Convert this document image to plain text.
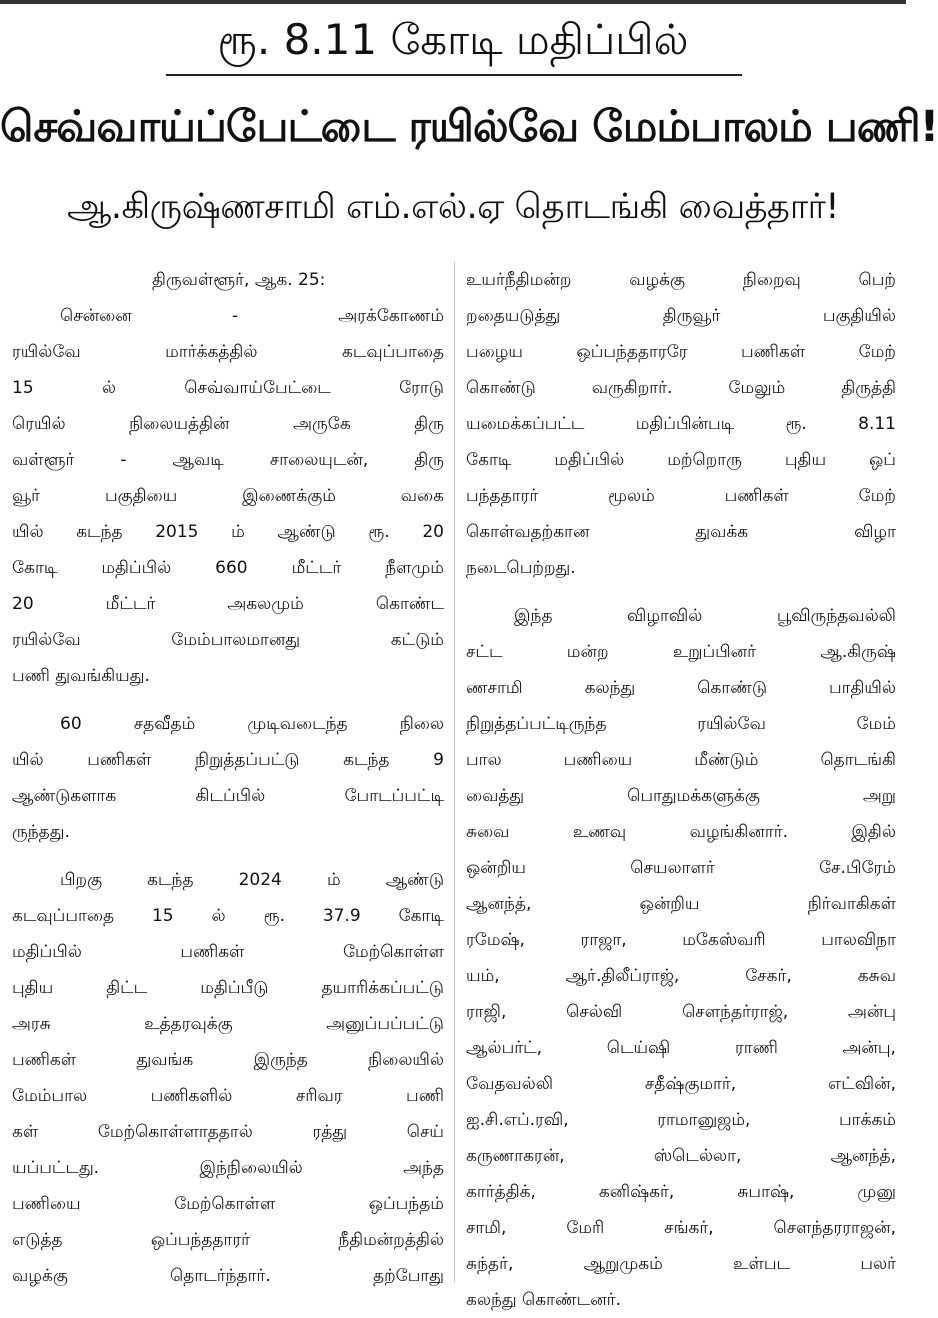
ரூ. 8.11 கோடி மதிப்பில்
செவ்வாய்ப்பேட்டை ரயில்வே மேம்பாலம் பணி!
ஆ.கிருஷ்ணசாமி எம்.எல்.ஏ தொடங்கி வைத்தார்!
திருவள்ளூர், ஆக. 25:
சென்னை	-	அரக்கோணம்
ரயில்வே	மார்க்கத்தில்	கடவுப்பாதை
15	ல்	செவ்வாய்பேட்டை	ரோடு
ரெயில்	நிலையத்தின்	அருகே	திரு
வள்ளூர்	-	ஆவடி	சாலையுடன்,	திரு
வூர்	பகுதியை	இணைக்கும்	வகை
யில் கடந்த 2015 ம் ஆண்டு ரூ. 20
கோடி	மதிப்பில்	660	மீட்டர்	நீளமும்
20	மீட்டர்	அகலமும்	கொண்ட
ரயில்வே	மேம்பாலமானது	கட்டும்
பணி துவங்கியது.
60	சதவீதம்	முடிவடைந்த	நிலை
யில்	பணிகள்	நிறுத்தப்பட்டு	கடந்த	9
ஆண்டுகளாக	கிடப்பில்	போடப்பட்டி
ருந்தது.
பிறகு	கடந்த	2024	ம்	ஆண்டு
கடவுப்பாதை 15 ல் ரூ. 37.9 கோடி
மதிப்பில்	பணிகள்	மேற்கொள்ள
புதிய	திட்ட	மதிப்பீடு	தயாரிக்கப்பட்டு
அரசு	உத்தரவுக்கு	அனுப்பப்பட்டு
பணிகள்	துவங்க	இருந்த	நிலையில்
மேம்பால	பணிகளில்	சரிவர	பணி
கள்	மேற்கொள்ளாததால்	ரத்து	செய்
யப்பட்டது.	இந்நிலையில்	அந்த
பணியை	மேற்கொள்ள	ஒப்பந்தம்
எடுத்த	ஒப்பந்ததாரர்	நீதிமன்றத்தில்
வழக்கு	தொடர்ந்தார்.	தற்போது
உயர்நீதிமன்ற	வழக்கு	நிறைவு	பெற்
றதையடுத்து	திருவூர்	பகுதியில்
பழைய	ஒப்பந்ததாரரே	பணிகள்	மேற்
கொண்டு	வருகிறார்.	மேலும்	திருத்தி
யமைக்கப்பட்ட	மதிப்பின்படி	ரூ.	8.11
கோடி	மதிப்பில்	மற்றொரு	புதிய	ஒப்
பந்ததாரர்	மூலம்	பணிகள்	மேற்
கொள்வதற்கான	துவக்க	விழா
நடைபெற்றது.
இந்த	விழாவில்	பூவிருந்தவல்லி
சட்ட	மன்ற	உறுப்பினர்	ஆ.கிருஷ்
ணசாமி	கலந்து	கொண்டு	பாதியில்
நிறுத்தப்பட்டிருந்த	ரயில்வே	மேம்
பால	பணியை	மீண்டும்	தொடங்கி
வைத்து	பொதுமக்களுக்கு	அறு
சுவை	உணவு	வழங்கினார்.	இதில்
ஒன்றிய	செயலாளர்	சே.பிரேம்
ஆனந்த்,	ஒன்றிய	நிர்வாகிகள்
ரமேஷ்,	ராஜா,	மகேஸ்வரி	பாலவிநா
யம்,	ஆர்.திலீப்ராஜ்,	சேகர்,	கசுவ
ராஜி,	செல்வி	சௌந்தர்ராஜ்,	அன்பு
ஆல்பர்ட்,	டெய்ஷி	ராணி	அன்பு,
வேதவல்லி	சதீஷ்குமார்,	எட்வின்,
ஐ.சி.எப்.ரவி,	ராமானுஜம்,	பாக்கம்
கருணாகரன்,	ஸ்டெல்லா,	ஆனந்த்,
கார்த்திக்,	கனிஷ்கர்,	சுபாஷ்,	முனு
சாமி,	மேரி	சங்கர்,	சௌந்தரராஜன்,
சுந்தர்,	ஆறுமுகம்	உள்பட	பலர்
கலந்து கொண்டனர்.
